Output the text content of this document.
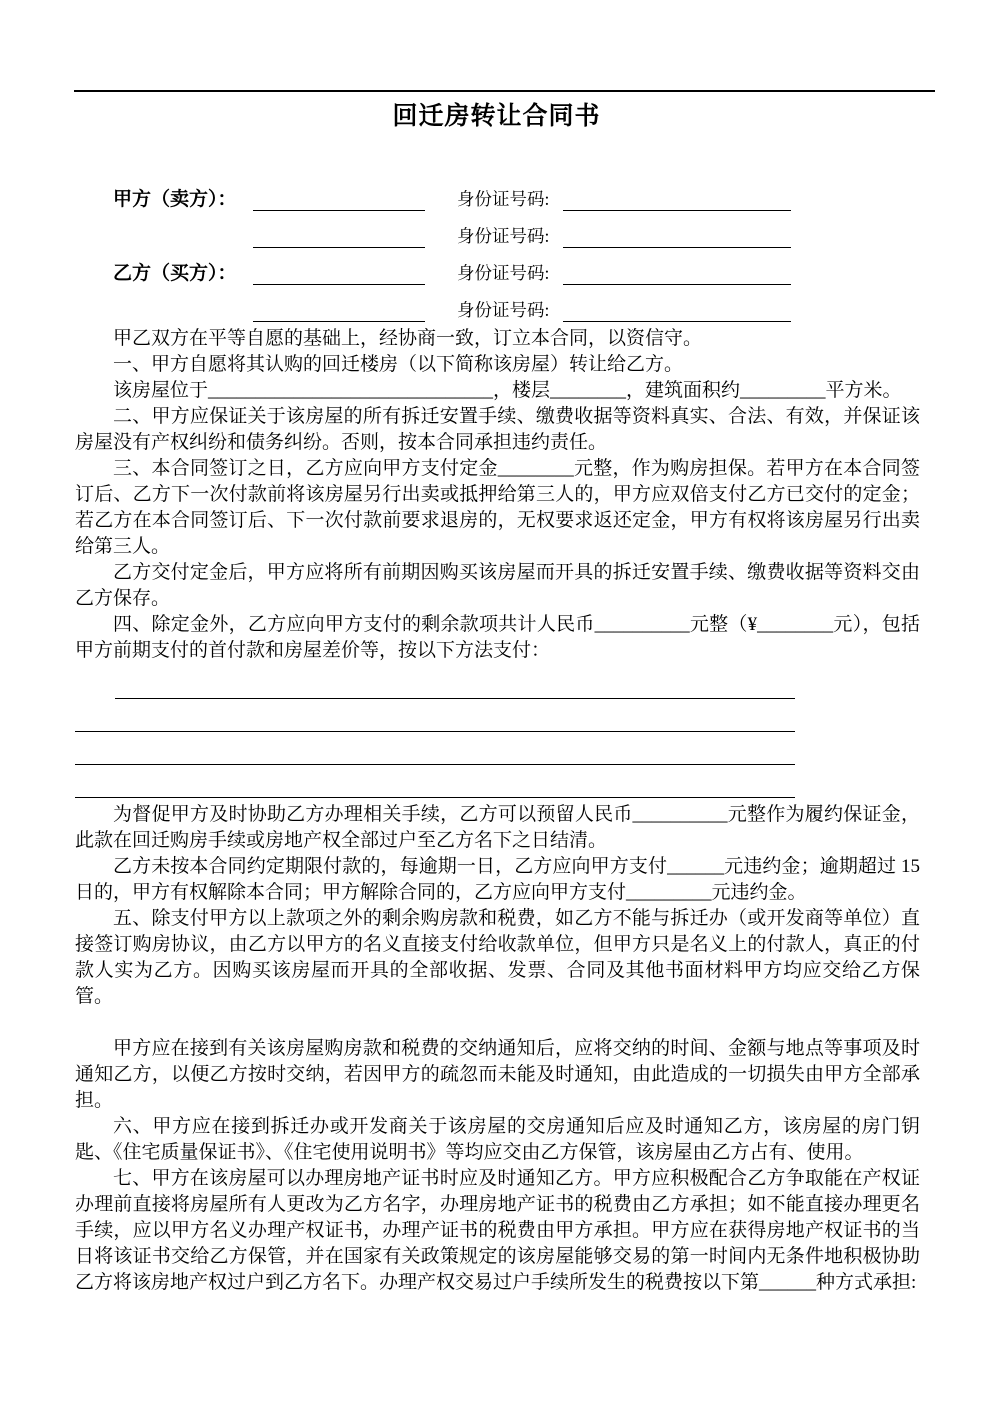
回迁房转让合同书
甲方（卖方）：	身份证号码:
身份证号码:
乙方（买方）：	身份证号码:
身份证号码:

甲乙双方在平等自愿的基础上，经协商一致，订立本合同，以资信守。

一、甲方自愿将其认购的回迁楼房（以下简称该房屋）转让给乙方。

该房屋位于______________________________，楼层________，建筑面积约_________平方米。

二、甲方应保证关于该房屋的所有拆迁安置手续、缴费收据等资料真实、合法、有效，并保证该房屋没有产权纠纷和债务纠纷。否则，按本合同承担违约责任。

三、本合同签订之日，乙方应向甲方支付定金________元整，作为购房担保。若甲方在本合同签订后、乙方下一次付款前将该房屋另行出卖或抵押给第三人的，甲方应双倍支付乙方已交付的定金；若乙方在本合同签订后、下一次付款前要求退房的，无权要求返还定金，甲方有权将该房屋另行出卖给第三人。

乙方交付定金后，甲方应将所有前期因购买该房屋而开具的拆迁安置手续、缴费收据等资料交由乙方保存。

四、除定金外，乙方应向甲方支付的剩余款项共计人民币__________元整（¥________元），包括甲方前期支付的首付款和房屋差价等，按以下方法支付：

为督促甲方及时协助乙方办理相关手续，乙方可以预留人民币__________元整作为履约保证金，此款在回迁购房手续或房地产权全部过户至乙方名下之日结清。

乙方未按本合同约定期限付款的，每逾期一日，乙方应向甲方支付______元违约金；逾期超过 15 日的，甲方有权解除本合同；甲方解除合同的，乙方应向甲方支付_________元违约金。

五、除支付甲方以上款项之外的剩余购房款和税费，如乙方不能与拆迁办（或开发商等单位）直接签订购房协议，由乙方以甲方的名义直接支付给收款单位，但甲方只是名义上的付款人，真正的付款人实为乙方。因购买该房屋而开具的全部收据、发票、合同及其他书面材料甲方均应交给乙方保管。

甲方应在接到有关该房屋购房款和税费的交纳通知后，应将交纳的时间、金额与地点等事项及时通知乙方，以便乙方按时交纳，若因甲方的疏忽而未能及时通知，由此造成的一切损失由甲方全部承担。

六、甲方应在接到拆迁办或开发商关于该房屋的交房通知后应及时通知乙方，该房屋的房门钥匙、《住宅质量保证书》、《住宅使用说明书》等均应交由乙方保管，该房屋由乙方占有、使用。

七、甲方在该房屋可以办理房地产证书时应及时通知乙方。甲方应积极配合乙方争取能在产权证办理前直接将房屋所有人更改为乙方名字，办理房地产证书的税费由乙方承担；如不能直接办理更名手续，应以甲方名义办理产权证书，办理产证书的税费由甲方承担。甲方应在获得房地产权证书的当日将该证书交给乙方保管，并在国家有关政策规定的该房屋能够交易的第一时间内无条件地积极协助乙方将该房地产权过户到乙方名下。办理产权交易过户手续所发生的税费按以下第______种方式承担:
